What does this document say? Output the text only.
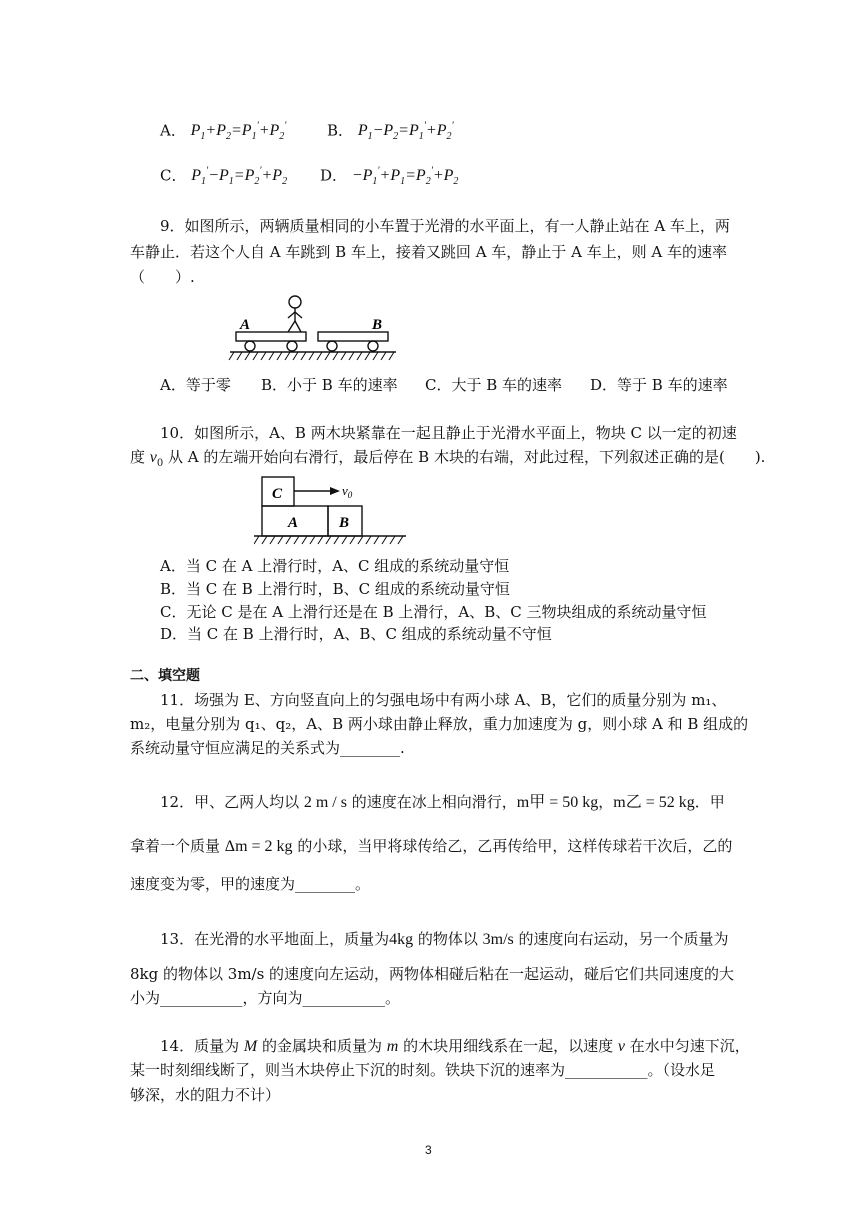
A． $P_1+P_2=P_1'+P_2'$	B． $P_1-P_2=P_1'+P_2'$
C． $P_1'-P_1=P_2'+P_2$ D． $-P_1'+P_1=P_2'+P_2$
9．如图所示，两辆质量相同的小车置于光滑的水平面上，有一人静止站在 A 车上，两
车静止．若这个人自 A 车跳到 B 车上，接着又跳回 A 车，静止于 A 车上，则 A 车的速率
（　　）.
A	B
A．等于零 B．小于 B 车的速率 C．大于 B 车的速率 D．等于 B 车的速率
10．如图所示，A、B 两木块紧靠在一起且静止于光滑水平面上，物块 C 以一定的初速
度 $v_0$ 从 A 的左端开始向右滑行，最后停在 B 木块的右端，对此过程，下列叙述正确的是(　　).
C	$v_0$
A	B
A．当 C 在 A 上滑行时，A、C 组成的系统动量守恒
B．当 C 在 B 上滑行时，B、C 组成的系统动量守恒
C．无论 C 是在 A 上滑行还是在 B 上滑行，A、B、C 三物块组成的系统动量守恒
D．当 C 在 B 上滑行时，A、B、C 组成的系统动量不守恒
二、填空题
11．场强为 E、方向竖直向上的匀强电场中有两小球 A、B，它们的质量分别为 m₁、
m₂，电量分别为 q₁、q₂，A、B 两小球由静止释放，重力加速度为 g，则小球 A 和 B 组成的
系统动量守恒应满足的关系式为________.
12．甲、乙两人均以 2 m / s 的速度在冰上相向滑行，m甲 = 50 kg，m乙 = 52 kg．甲
拿着一个质量 Δm = 2 kg 的小球，当甲将球传给乙，乙再传给甲，这样传球若干次后，乙的
速度变为零，甲的速度为________。
13．在光滑的水平地面上，质量为4kg 的物体以 3m/s 的速度向右运动，另一个质量为
8kg 的物体以 3m/s 的速度向左运动，两物体相碰后粘在一起运动，碰后它们共同速度的大
小为___________，方向为___________。
14．质量为 M 的金属块和质量为 m 的木块用细线系在一起，以速度 v 在水中匀速下沉，
某一时刻细线断了，则当木块停止下沉的时刻。铁块下沉的速率为___________。（设水足
够深，水的阻力不计）
3
